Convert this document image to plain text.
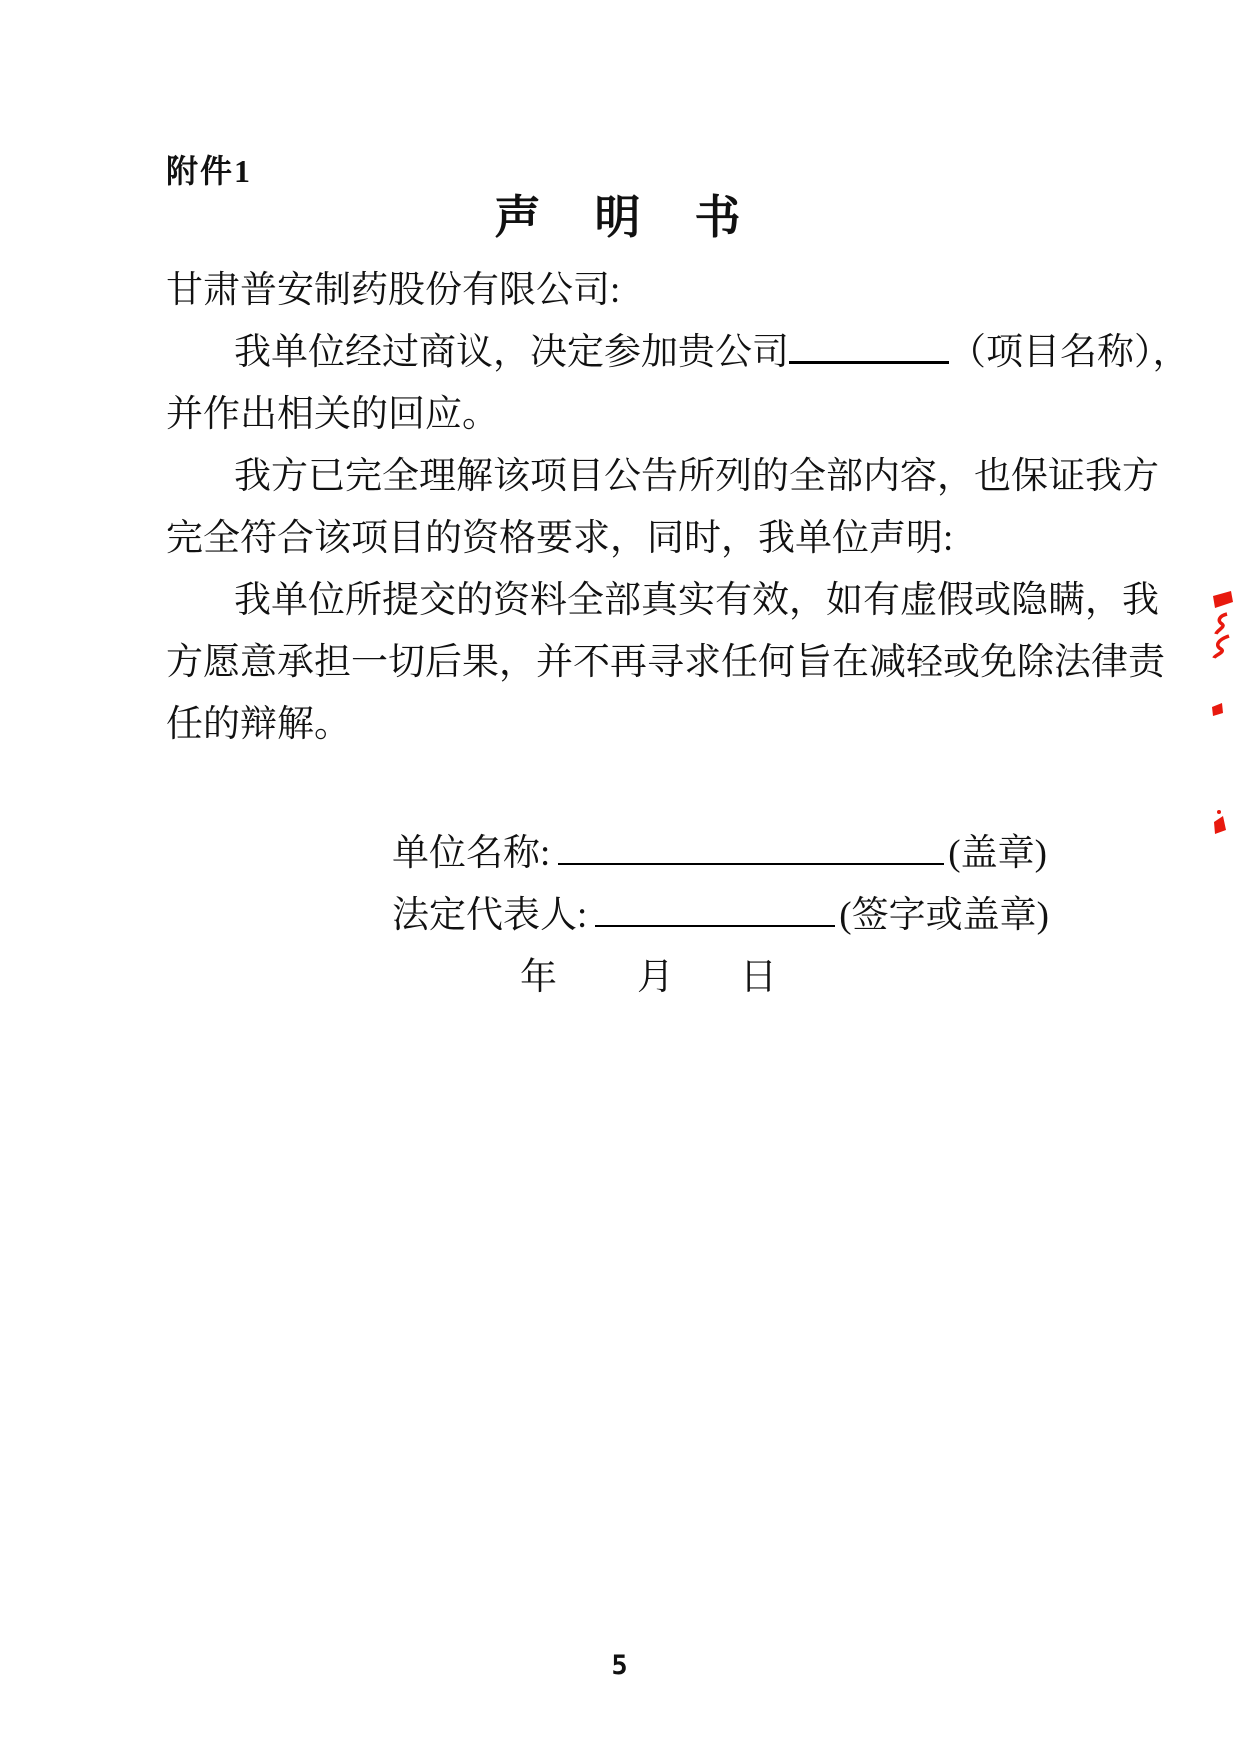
附件1
声　明　书
甘肃普安制药股份有限公司:
我单位经过商议，决定参加贵公司	（项目名称），
并作出相关的回应。
我方已完全理解该项目公告所列的全部内容，也保证我方
完全符合该项目的资格要求，同时，我单位声明:
我单位所提交的资料全部真实有效，如有虚假或隐瞒，我
方愿意承担一切后果，并不再寻求任何旨在减轻或免除法律责
任的辩解。
单位名称:	(盖章)
法定代表人:	(签字或盖章)
年 月 日
5
